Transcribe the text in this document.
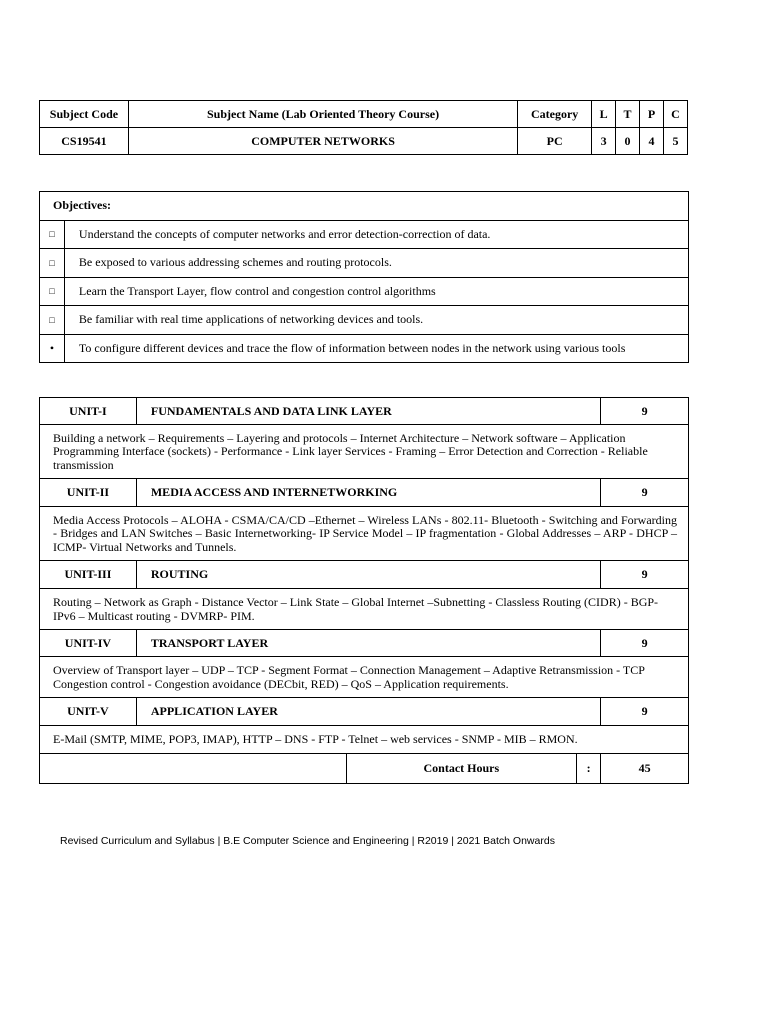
Subject Code	Subject Name (Lab Oriented Theory Course)	Category	L	T	P	C
CS19541	COMPUTER NETWORKS	PC	3	0	4	5
Objectives:	
□	Understand the concepts of computer networks and error detection-correction of data.
□	Be exposed to various addressing schemes and routing protocols.
□	Learn the Transport Layer, flow control and congestion control algorithms
□	Be familiar with real time applications of networking devices and tools.
•	To configure different devices and trace the flow of information between nodes in the network using various tools
UNIT-I	FUNDAMENTALS AND DATA LINK LAYER			9
Building a network – Requirements – Layering and protocols – Internet Architecture – Network software – Application Programming Interface (sockets) - Performance - Link layer Services - Framing – Error Detection and Correction - Reliable transmission				
UNIT-II	MEDIA ACCESS AND INTERNETWORKING			9
Media Access Protocols – ALOHA - CSMA/CA/CD –Ethernet – Wireless LANs - 802.11- Bluetooth - Switching and Forwarding - Bridges and LAN Switches – Basic Internetworking- IP Service Model – IP fragmentation - Global Addresses – ARP - DHCP – ICMP- Virtual Networks and Tunnels.				
UNIT-III	ROUTING			9
Routing – Network as Graph - Distance Vector – Link State – Global Internet –Subnetting - Classless Routing (CIDR) - BGP- IPv6 – Multicast routing - DVMRP- PIM.				
UNIT-IV	TRANSPORT LAYER			9
Overview of Transport layer – UDP – TCP - Segment Format – Connection Management – Adaptive Retransmission - TCP Congestion control - Congestion avoidance (DECbit, RED) – QoS – Application requirements.				
UNIT-V	APPLICATION LAYER			9
E-Mail (SMTP, MIME, POP3, IMAP), HTTP – DNS - FTP - Telnet – web services - SNMP - MIB – RMON.				
		Contact Hours	:	45
Revised Curriculum and Syllabus | B.E Computer Science and Engineering | R2019 | 2021 Batch Onwards
